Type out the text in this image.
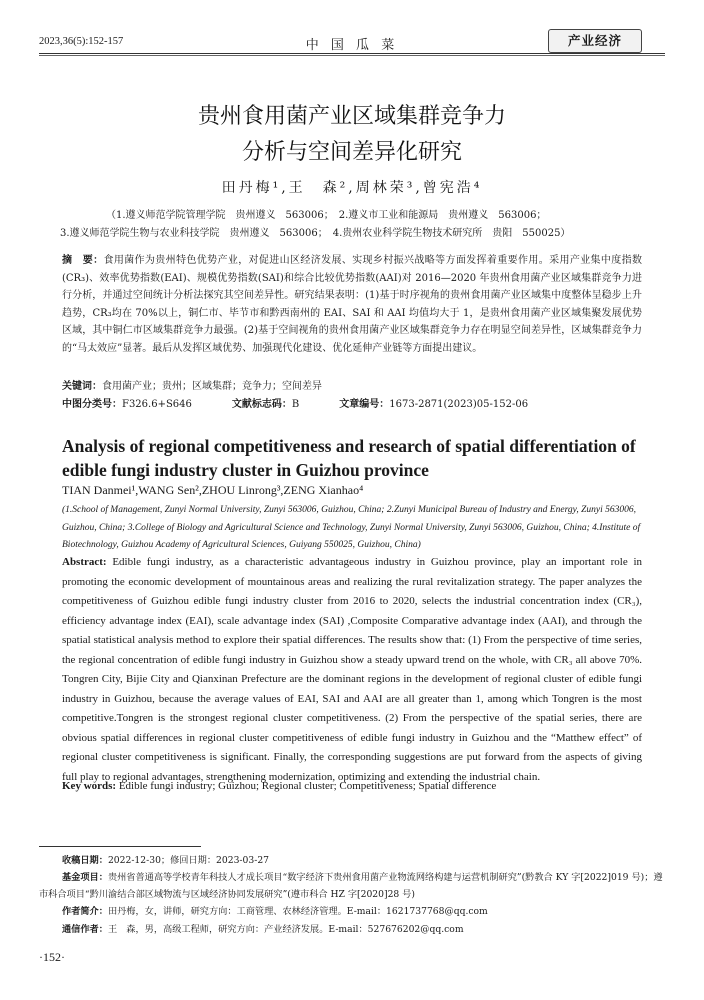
2023,36(5):152-157	中 国 瓜 菜	产业经济
贵州食用菌产业区域集群竞争力
分析与空间差异化研究
田丹梅¹,王　森²,周林荣³,曾宪浩⁴
（1.遵义师范学院管理学院　贵州遵义　563006；　2.遵义市工业和能源局　贵州遵义　563006；
3.遵义师范学院生物与农业科技学院　贵州遵义　563006；　4.贵州农业科学院生物技术研究所　贵阳　550025）
摘　要：食用菌作为贵州特色优势产业，对促进山区经济发展、实现乡村振兴战略等方面发挥着重要作用。采用产业集中度指数(CR₃)、效率优势指数(EAI)、规模优势指数(SAI)和综合比较优势指数(AAI)对 2016—2020 年贵州食用菌产业区域集群竞争力进行分析，并通过空间统计分析法探究其空间差异性。研究结果表明：(1)基于时序视角的贵州食用菌产业区域集中度整体呈稳步上升趋势，CR₃均在 70%以上，铜仁市、毕节市和黔西南州的 EAI、SAI 和 AAI 均值均大于 1，是贵州食用菌产业区域集聚发展优势区域，其中铜仁市区域集群竞争力最强。(2)基于空间视角的贵州食用菌产业区域集群竞争力存在明显空间差异性，区域集群竞争力的“马太效应”显著。最后从发挥区域优势、加强现代化建设、优化延伸产业链等方面提出建议。
关键词：食用菌产业；贵州；区域集群；竞争力；空间差异
中图分类号：F326.6+S646	文献标志码：B	文章编号：1673-2871(2023)05-152-06
Analysis of regional competitiveness and research of spatial differentiation of edible fungi industry cluster in Guizhou province
TIAN Danmei¹,WANG Sen²,ZHOU Linrong³,ZENG Xianhao⁴
(1.School of Management, Zunyi Normal University, Zunyi 563006, Guizhou, China; 2.Zunyi Municipal Bureau of Industry and Energy, Zunyi 563006, Guizhou, China; 3.College of Biology and Agricultural Science and Technology, Zunyi Normal University, Zunyi 563006, Guizhou, China; 4.Institute of Biotechnology, Guizhou Academy of Agricultural Sciences, Guiyang 550025, Guizhou, China)
Abstract: Edible fungi industry, as a characteristic advantageous industry in Guizhou province, play an important role in promoting the economic development of mountainous areas and realizing the rural revitalization strategy. The paper analyzes the competitiveness of Guizhou edible fungi industry cluster from 2016 to 2020, selects the industrial concentration index (CR₃), efficiency advantage index (EAI), scale advantage index (SAI) ,Composite Comparative advantage index (AAI), and through the spatial statistical analysis method to explore their spatial differences. The results show that: (1) From the perspective of time series, the regional concentration of edible fungi industry in Guizhou show a steady upward trend on the whole, with CR₃ all above 70%. Tongren City, Bijie City and Qianxinan Prefecture are the dominant regions in the development of regional cluster of edible fungi industry in Guizhou, because the average values of EAI, SAI and AAI are all greater than 1, among which Tongren is the most competitive.Tongren is the strongest regional cluster competitiveness. (2) From the perspective of the spatial series, there are obvious spatial differences in regional cluster competitiveness of edible fungi industry in Guizhou and the “Matthew effect” of regional cluster competitiveness is significant. Finally, the corresponding suggestions are put forward from the aspects of giving full play to regional advantages, strengthening modernization, optimizing and extending the industrial chain.
Key words: Edible fungi industry; Guizhou; Regional cluster; Competitiveness; Spatial difference
收稿日期：2022-12-30；修回日期：2023-03-27
基金项目：贵州省普通高等学校青年科技人才成长项目“数字经济下贵州食用菌产业物流网络构建与运营机制研究”(黔教合 KY 字[2022]019 号)；遵市科合项目“黔川渝结合部区域物流与区域经济协同发展研究”(遵市科合 HZ 字[2020]28 号)
作者简介：田丹梅，女，讲师，研究方向：工商管理、农林经济管理。E-mail：1621737768@qq.com
通信作者：王　森，男，高级工程师，研究方向：产业经济发展。E-mail：527676202@qq.com
·152·
